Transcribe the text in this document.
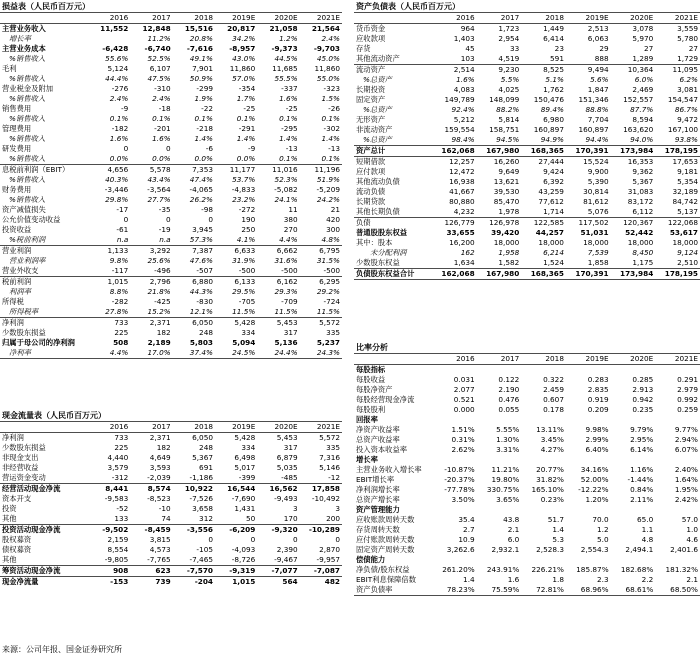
损益表（人民币百万元）
	2016	2017	2018	2019E	2020E	2021E
主营业务收入	11,552	12,848	15,516	20,817	21,058	21,564
增长率		11.2%	20.8%	34.2%	1.2%	2.4%
主营业务成本	-6,428	-6,740	-7,616	-8,957	-9,373	-9,703
%销售收入	55.6%	52.5%	49.1%	43.0%	44.5%	45.0%
毛利	5,124	6,107	7,901	11,860	11,685	11,860
%销售收入	44.4%	47.5%	50.9%	57.0%	55.5%	55.0%
营业税金及附加	-276	-310	-299	-354	-337	-323
%销售收入	2.4%	2.4%	1.9%	1.7%	1.6%	1.5%
销售费用	-9	-18	-22	-25	-25	-26
%销售收入	0.1%	0.1%	0.1%	0.1%	0.1%	0.1%
管理费用	-182	-201	-218	-291	-295	-302
%销售收入	1.6%	1.6%	1.4%	1.4%	1.4%	1.4%
研发费用	0	0	-6	-9	-13	-13
%销售收入	0.0%	0.0%	0.0%	0.0%	0.1%	0.1%
息税前利润（EBIT）	4,656	5,578	7,353	11,177	11,016	11,196
%销售收入	40.3%	43.4%	47.4%	53.7%	52.3%	51.9%
财务费用	-3,446	-3,564	-4,065	-4,833	-5,082	-5,209
%销售收入	29.8%	27.7%	26.2%	23.2%	24.1%	24.2%
资产减值损失	-17	-35	-98	-272	11	21
公允价值变动收益	0	0	0	190	380	420
投资收益	-61	-19	3,945	250	270	300
%税前利润	n.a	n.a	57.3%	4.1%	4.4%	4.8%
营业利润	1,133	3,292	7,387	6,633	6,662	6,795
营业利润率	9.8%	25.6%	47.6%	31.9%	31.6%	31.5%
营业外收支	-117	-496	-507	-500	-500	-500
税前利润	1,015	2,796	6,880	6,133	6,162	6,295
利润率	8.8%	21.8%	44.3%	29.5%	29.3%	29.2%
所得税	-282	-425	-830	-705	-709	-724
所得税率	27.8%	15.2%	12.1%	11.5%	11.5%	11.5%
净利润	733	2,371	6,050	5,428	5,453	5,572
少数股东损益	225	182	248	334	317	335
归属于母公司的净利润	508	2,189	5,803	5,094	5,136	5,237
净利率	4.4%	17.0%	37.4%	24.5%	24.4%	24.3%
现金流量表（人民币百万元）
	2016	2017	2018	2019E	2020E	2021E
净利润	733	2,371	6,050	5,428	5,453	5,572
少数股东损益	225	182	248	334	317	335
非现金支出	4,440	4,649	5,367	6,498	6,879	7,316
非经营收益	3,579	3,593	691	5,017	5,035	5,146
营运资金变动	-312	-2,039	-1,186	-399	-485	-12
经营活动现金净流	8,441	8,574	10,922	16,544	16,562	17,858
资本开支	-9,583	-8,523	-7,526	-7,690	-9,493	-10,492
投资	-52	-10	3,658	1,431	3	3
其他	133	74	312	50	170	200
投资活动现金净流	-9,502	-8,459	-3,556	-6,209	-9,320	-10,289
股权募资	2,159	3,815	0	0	0	0
债权募资	8,554	4,573	-105	-4,093	2,390	2,870
其他	-9,805	-7,765	-7,465	-8,726	-9,467	-9,957
筹资活动现金净流	908	623	-7,570	-9,319	-7,077	-7,087
现金净流量	-153	739	-204	1,015	564	482
资产负债表（人民币百万元）
	2016	2017	2018	2019E	2020E	2021E
货币资金	964	1,723	1,449	2,513	3,078	3,559
应收款项	1,403	2,954	6,414	6,063	5,970	5,780
存货	45	33	23	29	27	27
其他流动资产	103	4,519	591	888	1,289	1,729
流动资产	2,514	9,230	8,525	9,494	10,364	11,095
%总资产	1.6%	5.5%	5.1%	5.6%	6.0%	6.2%
长期投资	4,083	4,025	1,762	1,847	2,469	3,081
固定资产	149,789	148,099	150,476	151,346	152,557	154,547
%总资产	92.4%	88.2%	89.4%	88.8%	87.7%	86.7%
无形资产	5,212	5,814	6,980	7,704	8,594	9,472
非流动资产	159,554	158,751	160,897	160,897	163,620	167,100
%总资产	98.4%	94.5%	94.9%	94.4%	94.0%	93.8%
资产总计	162,068	167,980	168,365	170,391	173,984	178,195
短期借款	12,257	16,260	27,444	15,524	16,353	17,653
应付款项	12,472	9,649	9,424	9,900	9,362	9,181
其他流动负债	16,938	13,621	6,392	5,390	5,367	5,354
流动负债	41,667	39,530	43,259	30,814	31,083	32,189
长期贷款	80,880	85,470	77,612	81,612	83,172	84,742
其他长期负债	4,232	1,978	1,714	5,076	6,112	5,137
负债	126,779	126,978	122,585	117,502	120,367	122,068
普通股股东权益	33,655	39,420	44,257	51,031	52,442	53,617
其中：股本	16,200	18,000	18,000	18,000	18,000	18,000
未分配利润	162	1,958	6,214	7,539	8,450	9,124
少数股东权益	1,634	1,582	1,524	1,858	1,175	2,510
负债股东权益合计	162,068	167,980	168,365	170,391	173,984	178,195
比率分析
	2016	2017	2018	2019E	2020E	2021E
每股指标						
每股收益	0.031	0.122	0.322	0.283	0.285	0.291
每股净资产	2.077	2.190	2.459	2.835	2.913	2.979
每股经营现金净流	0.521	0.476	0.607	0.919	0.942	0.992
每股股利	0.000	0.055	0.178	0.209	0.235	0.259
回报率						
净资产收益率	1.51%	5.55%	13.11%	9.98%	9.79%	9.77%
总资产收益率	0.31%	1.30%	3.45%	2.99%	2.95%	2.94%
投入资本收益率	2.62%	3.31%	4.27%	6.40%	6.14%	6.07%
增长率						
主营业务收入增长率	-10.87%	11.21%	20.77%	34.16%	1.16%	2.40%
EBIT增长率	-20.37%	19.80%	31.82%	52.00%	-1.44%	1.64%
净利润增长率	-77.78%	330.75%	165.10%	-12.22%	0.84%	1.95%
总资产增长率	3.50%	3.65%	0.23%	1.20%	2.11%	2.42%
资产管理能力						
应收账款周转天数	35.4	43.8	51.7	70.0	65.0	57.0
存货周转天数	2.7	2.1	1.4	1.2	1.1	1.0
应付账款周转天数	10.9	6.0	5.3	5.0	4.8	4.6
固定资产周转天数	3,262.6	2,932.1	2,528.3	2,554.3	2,494.1	2,401.6
偿债能力						
净负债/股东权益	261.20%	243.91%	226.21%	185.87%	182.68%	181.32%
EBIT利息保障倍数	1.4	1.6	1.8	2.3	2.2	2.1
资产负债率	78.23%	75.59%	72.81%	68.96%	68.61%	68.50%
来源：公司年报、国金证券研究所
